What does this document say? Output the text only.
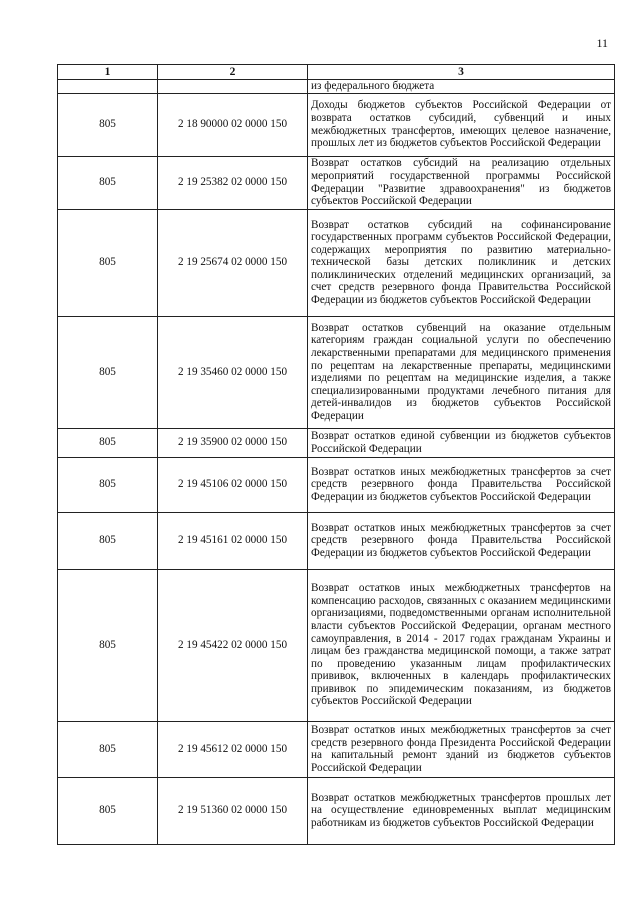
11
1	2	3
		из федерального бюджета
805	2 18 90000 02 0000 150	Доходы бюджетов субъектов Российской Федерации от возврата остатков субсидий, субвенций и иных межбюджетных трансфертов, имеющих целевое назначение, прошлых лет из бюджетов субъектов Российской Федерации
805	2 19 25382 02 0000 150	Возврат остатков субсидий на реализацию отдельных мероприятий государственной программы Российской Федерации "Развитие здравоохранения" из бюджетов субъектов Российской Федерации
805	2 19 25674 02 0000 150	Возврат остатков субсидий на софинансирование государственных программ субъектов Российской Федерации, содержащих мероприятия по развитию материально-технической базы детских поликлиник и детских поликлинических отделений медицинских организаций, за счет средств резервного фонда Правительства Российской Федерации из бюджетов субъектов Российской Федерации
805	2 19 35460 02 0000 150	Возврат остатков субвенций на оказание отдельным категориям граждан социальной услуги по обеспечению лекарственными препаратами для медицинского применения по рецептам на лекарственные препараты, медицинскими изделиями по рецептам на медицинские изделия, а также специализированными продуктами лечебного питания для детей-инвалидов из бюджетов субъектов Российской Федерации
805	2 19 35900 02 0000 150	Возврат остатков единой субвенции из бюджетов субъектов Российской Федерации
805	2 19 45106 02 0000 150	Возврат остатков иных межбюджетных трансфертов за счет средств резервного фонда Правительства Российской Федерации из бюджетов субъектов Российской Федерации
805	2 19 45161 02 0000 150	Возврат остатков иных межбюджетных трансфертов за счет средств резервного фонда Правительства Российской Федерации из бюджетов субъектов Российской Федерации
805	2 19 45422 02 0000 150	Возврат остатков иных межбюджетных трансфертов на компенсацию расходов, связанных с оказанием медицинскими организациями, подведомственными органам исполнительной власти субъектов Российской Федерации, органам местного самоуправления, в 2014 - 2017 годах гражданам Украины и лицам без гражданства медицинской помощи, а также затрат по проведению указанным лицам профилактических прививок, включенных в календарь профилактических прививок по эпидемическим показаниям, из бюджетов субъектов Российской Федерации
805	2 19 45612 02 0000 150	Возврат остатков иных межбюджетных трансфертов за счет средств резервного фонда Президента Российской Федерации на капитальный ремонт зданий из бюджетов субъектов Российской Федерации
805	2 19 51360 02 0000 150	Возврат остатков межбюджетных трансфертов прошлых лет на осуществление единовременных выплат медицинским работникам из бюджетов субъектов Российской Федерации
